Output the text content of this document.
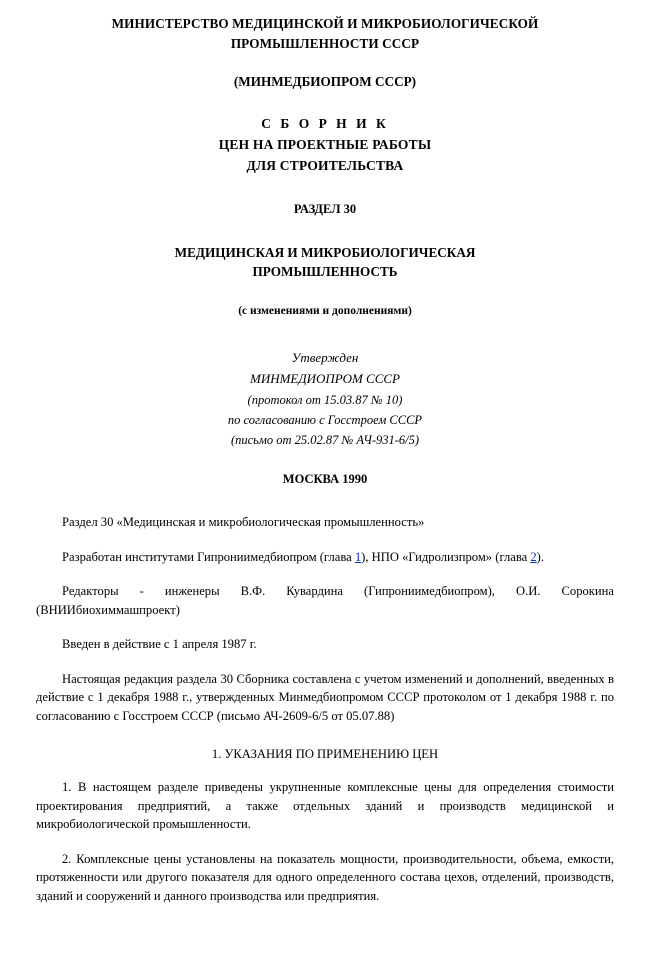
МИНИСТЕРСТВО МЕДИЦИНСКОЙ И МИКРОБИОЛОГИЧЕСКОЙ
ПРОМЫШЛЕННОСТИ СССР
(МИНМЕДБИОПРОМ СССР)
С Б О Р Н И К
ЦЕН НА ПРОЕКТНЫЕ РАБОТЫ
ДЛЯ СТРОИТЕЛЬСТВА
РАЗДЕЛ 30
МЕДИЦИНСКАЯ И МИКРОБИОЛОГИЧЕСКАЯ
ПРОМЫШЛЕННОСТЬ
(с изменениями и дополнениями)
Утвержден
МИНМЕДИОПРОМ СССР
(протокол от 15.03.87 № 10)
по согласованию с Госстроем СССР
(письмо от 25.02.87 № АЧ-931-6/5)
МОСКВА 1990

Раздел 30 «Медицинская и микробиологическая промышленность»

Разработан институтами Гипрониимедбиопром (глава 1), НПО «Гидролизпром» (глава 2).

Редакторы - инженеры В.Ф. Кувардина (Гипрониимедбиопром), О.И. Сорокина (ВНИИбиохиммашпроект)

Введен в действие с 1 апреля 1987 г.

Настоящая редакция раздела 30 Сборника составлена с учетом изменений и дополнений, введенных в действие с 1 декабря 1988 г., утвержденных Минмедбиопромом СССР протоколом от 1 декабря 1988 г. по согласованию с Госстроем СССР (письмо АЧ-2609-6/5 от 05.07.88)

1. УКАЗАНИЯ ПО ПРИМЕНЕНИЮ ЦЕН

1. В настоящем разделе приведены укрупненные комплексные цены для определения стоимости проектирования предприятий, а также отдельных зданий и производств медицинской и микробиологической промышленности.

2. Комплексные цены установлены на показатель мощности, производительности, объема, емкости, протяженности или другого показателя для одного определенного состава цехов, отделений, производств, зданий и сооружений и данного производства или предприятия.
